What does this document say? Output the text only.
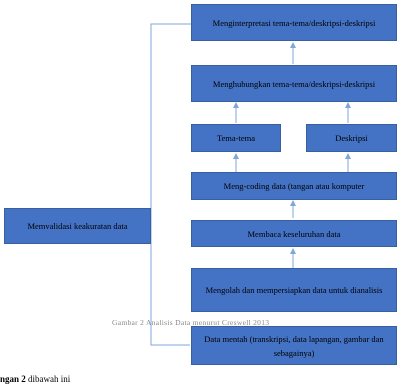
Menginterpretasi tema-tema/deskripsi-deskripsi
Menghubungkan tema-tema/deskripsi-deskripsi
Tema-tema	Deskripsi
Meng-coding data (tangan atau komputer
Membaca keseluruhan data
Mengolah dan mempersiapkan data untuk dianalisis
Data mentah (transkripsi, data lapangan, gambar dan sebagainya)
Memvalidasi keakuratan data
Gambar 2 Analisis Data menurut Creswell 2013
ngan 2 dibawah ini
